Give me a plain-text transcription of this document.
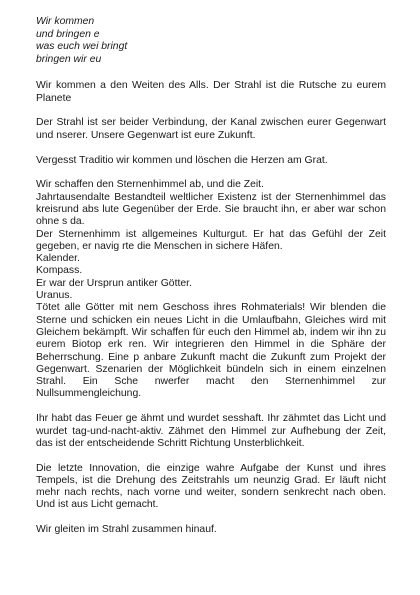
Wir kommen
und bringen e
was euch wei bringt
bringen wir eu

Wir kommen a den Weiten des Alls. Der Strahl ist die Rutsche zu eurem Planete

Der Strahl ist ser beider Verbindung, der Kanal zwischen eurer Gegenwart und nserer. Unsere Gegenwart ist eure Zukunft.

Vergesst Traditio wir kommen und löschen die Herzen am Grat.

Wir schaffen den Sternenhimmel ab, und die Zeit.
Jahrtausendalte Bestandteil weltlicher Existenz ist der Sternenhimmel das kreisrund abs lute Gegenüber der Erde. Sie braucht ihn, er aber war schon ohne s da.
Der Sternenhimm ist allgemeines Kulturgut. Er hat das Gefühl der Zeit gegeben, er navig rte die Menschen in sichere Häfen.
Kalender.
Kompass.
Er war der Ursprun antiker Götter.
Uranus.
Tötet alle Götter mit nem Geschoss ihres Rohmaterials! Wir blenden die Sterne und schicken ein neues Licht in die Umlaufbahn, Gleiches wird mit Gleichem bekämpft. Wir schaffen für euch den Himmel ab, indem wir ihn zu eurem Biotop erk ren. Wir integrieren den Himmel in die Sphäre der Beherrschung. Eine p anbare Zukunft macht die Zukunft zum Projekt der Gegenwart. Szenarien der Möglichkeit bündeln sich in einem einzelnen Strahl. Ein Sche nwerfer macht den Sternenhimmel zur Nullsummengleichung.

Ihr habt das Feuer ge ähmt und wurdet sesshaft. Ihr zähmtet das Licht und wurdet tag-und-nacht-aktiv. Zähmet den Himmel zur Aufhebung der Zeit, das ist der entscheidende Schritt Richtung Unsterblichkeit.

Die letzte Innovation, die einzige wahre Aufgabe der Kunst und ihres Tempels, ist die Drehung des Zeitstrahls um neunzig Grad. Er läuft nicht mehr nach rechts, nach vorne und weiter, sondern senkrecht nach oben. Und ist aus Licht gemacht.

Wir gleiten im Strahl zusammen hinauf.
